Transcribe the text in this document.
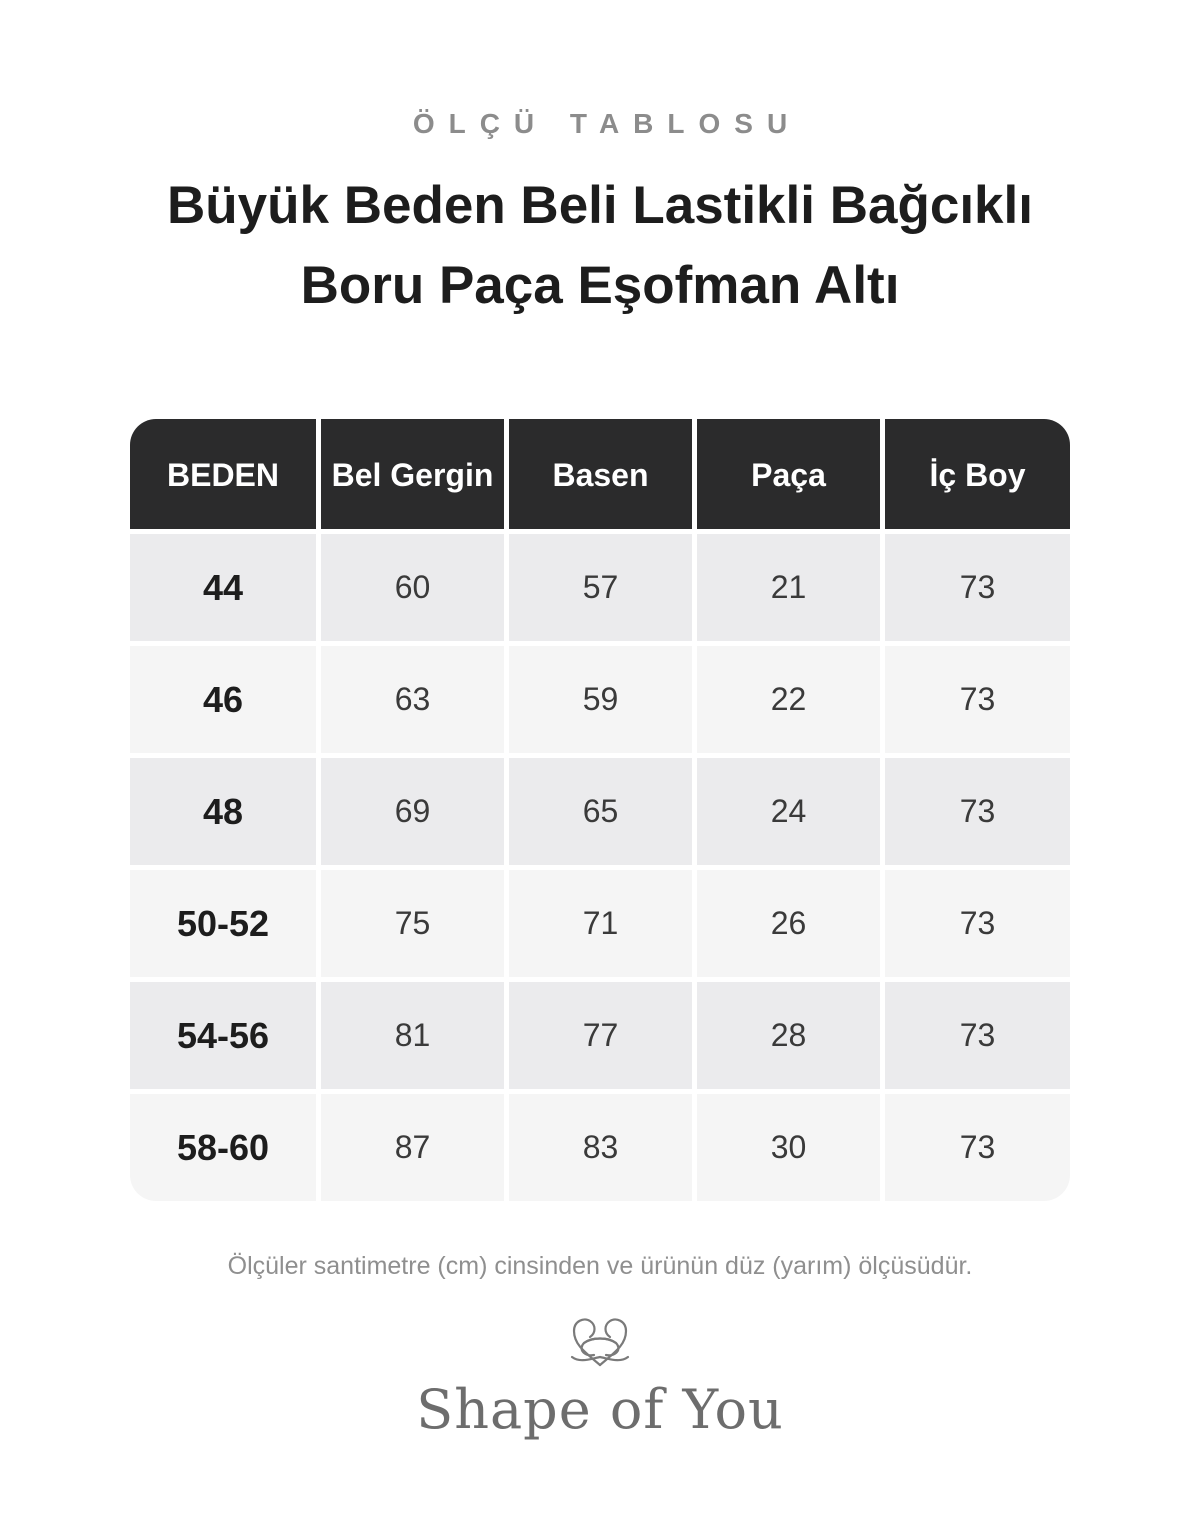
ÖLÇÜ TABLOSU
Büyük Beden Beli Lastikli Bağcıklı
Boru Paça Eşofman Altı
BEDEN	Bel Gergin	Basen	Paça	İç Boy
44	60	57	21	73
46	63	59	22	73
48	69	65	24	73
50-52	75	71	26	73
54-56	81	77	28	73
58-60	87	83	30	73
Ölçüler santimetre (cm) cinsinden ve ürünün düz (yarım) ölçüsüdür.
Shape of You
